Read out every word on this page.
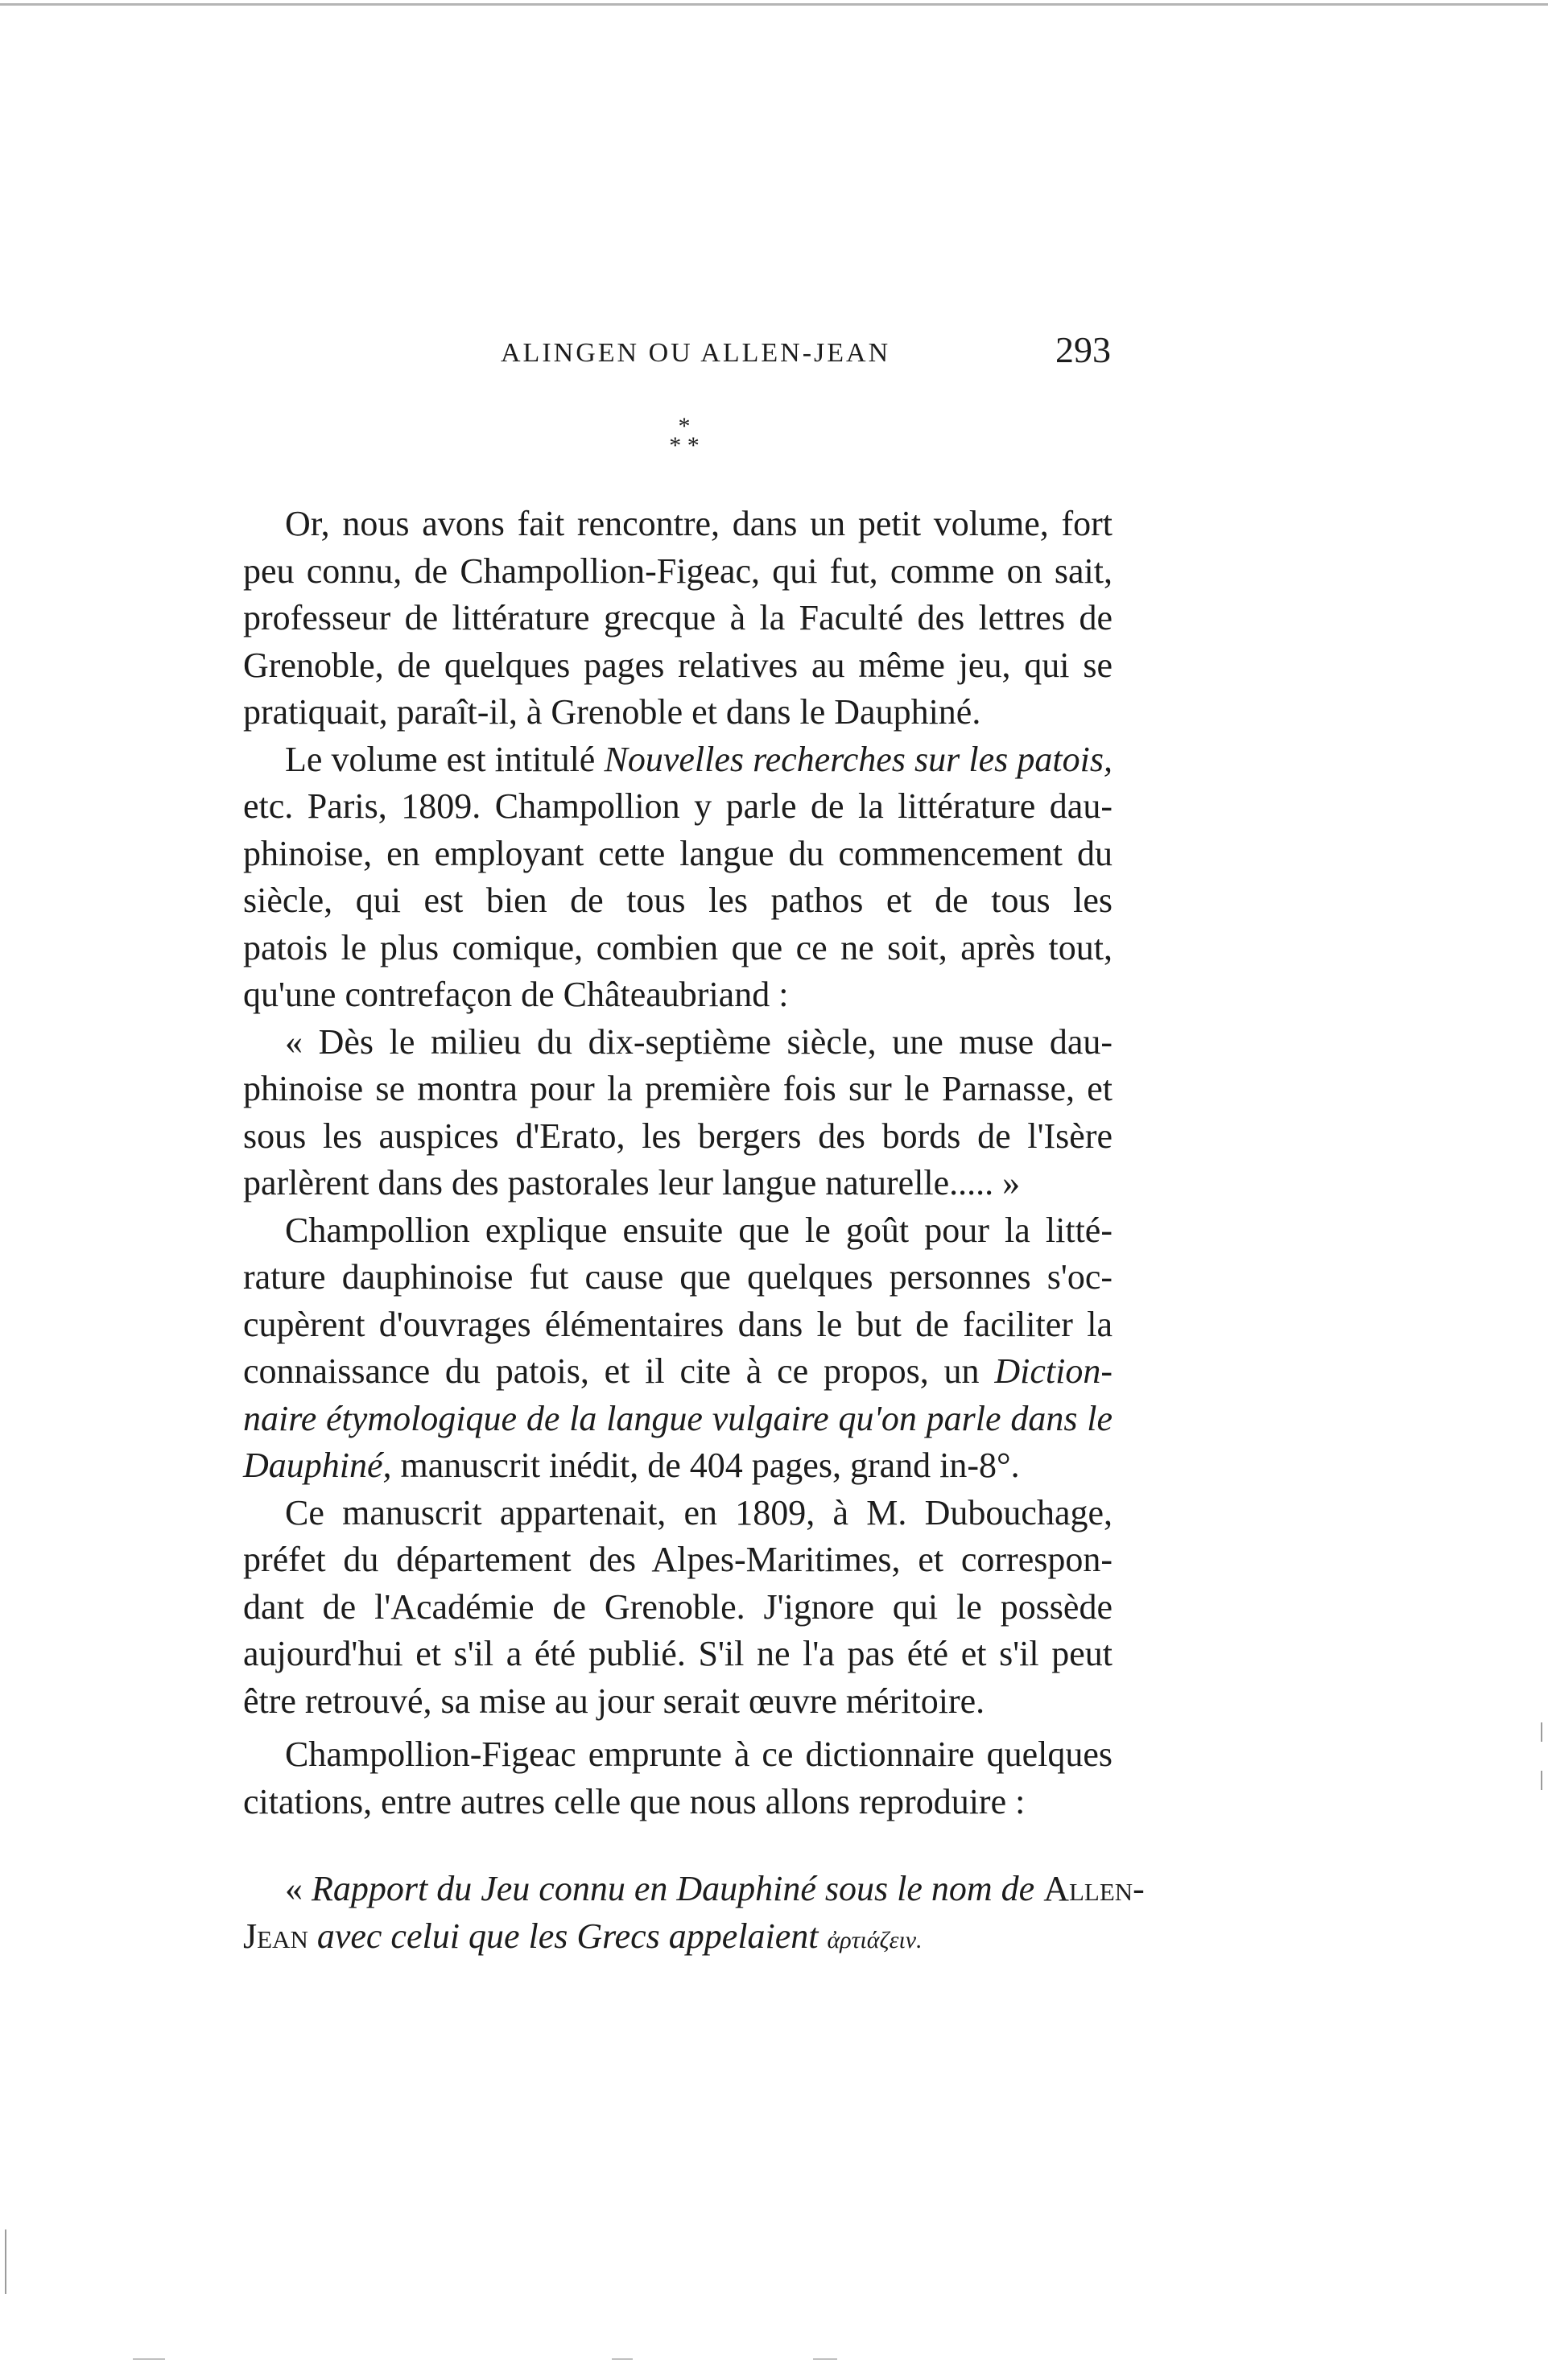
ALINGEN OU ALLEN-JEAN	293
*
* *
Or, nous avons fait rencontre, dans un petit volume, fort
peu connu, de Champollion-Figeac, qui fut, comme on sait,
professeur de littérature grecque à la Faculté des lettres de
Grenoble, de quelques pages relatives au même jeu, qui se
pratiquait, paraît-il, à Grenoble et dans le Dauphiné.
Le volume est intitulé Nouvelles recherches sur les patois,
etc. Paris, 1809. Champollion y parle de la littérature dau-
phinoise, en employant cette langue du commencement du
siècle, qui est bien de tous les pathos et de tous les
patois le plus comique, combien que ce ne soit, après tout,
qu'une contrefaçon de Châteaubriand :
« Dès le milieu du dix-septième siècle, une muse dau-
phinoise se montra pour la première fois sur le Parnasse, et
sous les auspices d'Erato, les bergers des bords de l'Isère
parlèrent dans des pastorales leur langue naturelle..... »
Champollion explique ensuite que le goût pour la litté-
rature dauphinoise fut cause que quelques personnes s'oc-
cupèrent d'ouvrages élémentaires dans le but de faciliter la
connaissance du patois, et il cite à ce propos, un Diction-
naire étymologique de la langue vulgaire qu'on parle dans le
Dauphiné, manuscrit inédit, de 404 pages, grand in-8°.
Ce manuscrit appartenait, en 1809, à M. Dubouchage,
préfet du département des Alpes-Maritimes, et correspon-
dant de l'Académie de Grenoble. J'ignore qui le possède
aujourd'hui et s'il a été publié. S'il ne l'a pas été et s'il peut
être retrouvé, sa mise au jour serait œuvre méritoire.
Champollion-Figeac emprunte à ce dictionnaire quelques
citations, entre autres celle que nous allons reproduire :
« Rapport du Jeu connu en Dauphiné sous le nom de Allen-
Jean avec celui que les Grecs appelaient ἀρτιάζειν.
